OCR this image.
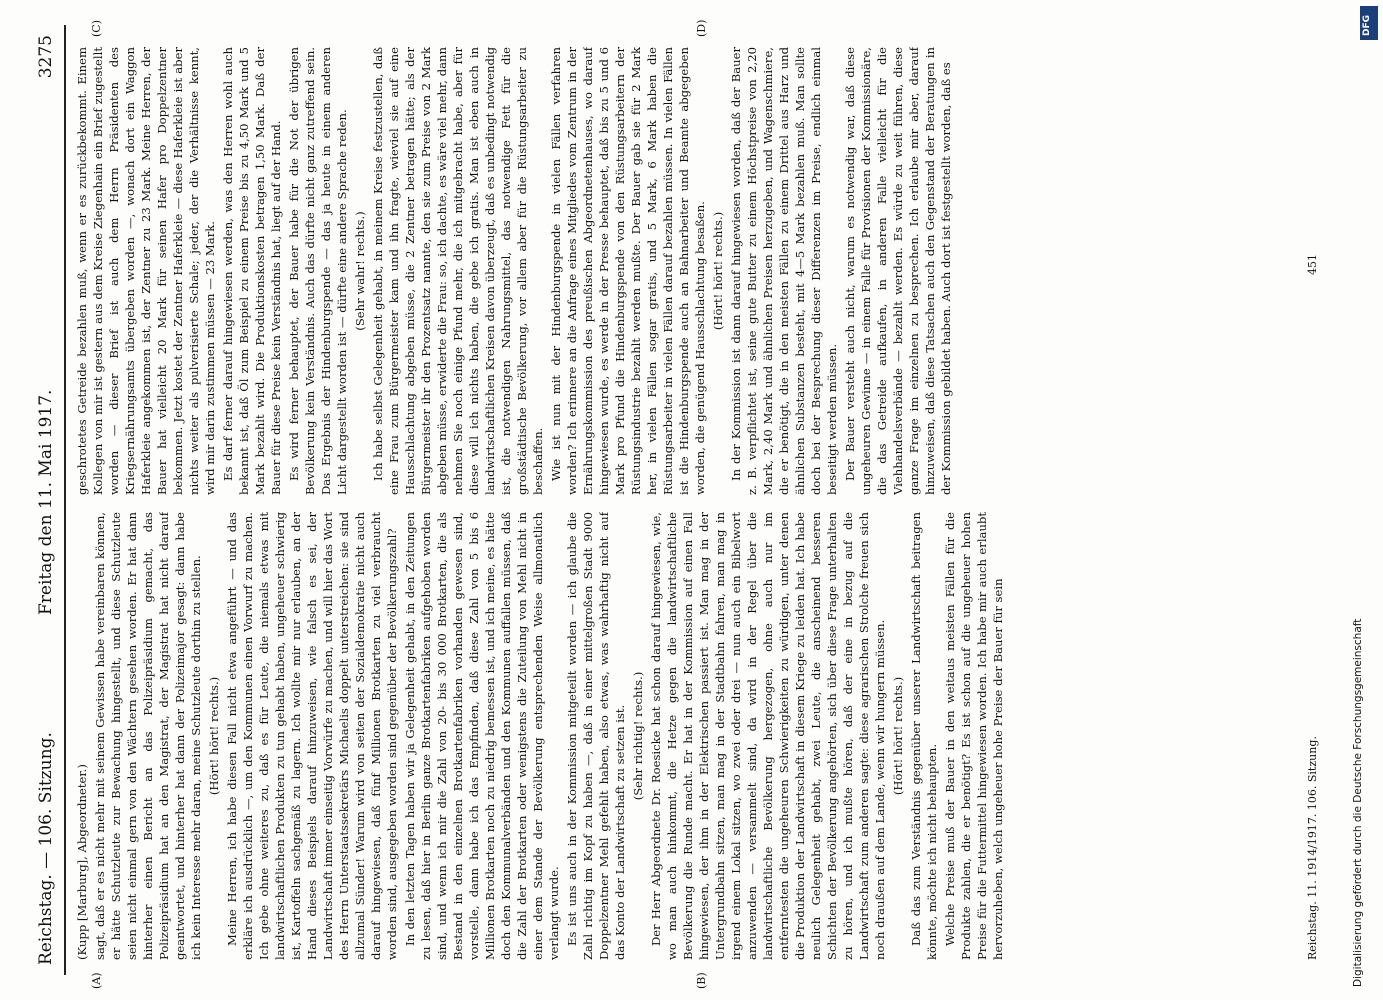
Reichstag. — 106. Sitzung.
Freitag den 11. Mai 1917.
3275
(A)	(B)
(C)	(D)

(Kupp [Marburg], Abgeordneter.) sagt, daß er es nicht mehr mit seinem Gewissen habe vereinbaren können, er hätte Schutzleute zur Bewachung hingestellt, und diese Schutzleute seien nicht einmal gern von den Wächtern gesehen worden. Er hat dann hinterher einen Bericht an das Polizeipräsidium gemacht, das Polizeipräsidium hat an den Magistrat, der Magistrat hat nicht darauf geantwortet, und hinterher hat dann der Polizeimajor gesagt: dann habe ich kein Interesse mehr daran, meine Schutzleute dorthin zu stellen. (Hört! hört! rechts.) Meine Herren, ich habe diesen Fall nicht etwa angeführt — und das erkläre ich ausdrücklich —, um den Kommunen einen Vorwurf zu machen. Ich gebe ohne weiteres zu, daß es für Leute, die niemals etwas mit landwirtschaftlichen Produkten zu tun gehabt haben, ungeheuer schwierig ist, Kartoffeln sachgemäß zu lagern. Ich wollte mir nur erlauben, an der Hand dieses Beispiels darauf hinzuweisen, wie falsch es sei, der Landwirtschaft immer einseitig Vorwürfe zu machen, und will hier das Wort des Herrn Unterstaatssekretärs Michaelis doppelt unterstreichen: sie sind allzumal Sünder! Warum wird von seiten der Sozialdemokratie nicht auch darauf hingewiesen, daß fünf Millionen Brotkarten zu viel verbraucht worden sind, ausgegeben worden sind gegenüber der Bevölkerungszahl? In den letzten Tagen haben wir ja Gelegenheit gehabt, in den Zeitungen zu lesen, daß hier in Berlin ganze Brotkartenfabriken aufgehoben worden sind, und wenn ich mir die Zahl von 20- bis 30 000 Brotkarten, die als Bestand in den einzelnen Brotkartenfabriken vorhanden gewesen sind, vorstelle, dann habe ich das Empfinden, daß diese Zahl von 5 bis 6 Millionen Brotkarten noch zu niedrig bemessen ist, und ich meine, es hätte doch den Kommunalverbänden und den Kommunen auffallen müssen, daß die Zahl der Brotkarten oder wenigstens die Zuteilung von Mehl nicht in einer dem Stande der Bevölkerung entsprechenden Weise allmonatlich verlangt wurde. Es ist uns auch in der Kommission mitgeteilt worden — ich glaube die Zahl richtig im Kopf zu haben —, daß in einer mittelgroßen Stadt 9000 Doppelzentner Mehl gefehlt haben, also etwas, was wahrhaftig nicht auf das Konto der Landwirtschaft zu setzen ist. (Sehr richtig! rechts.) Der Herr Abgeordnete Dr. Roesicke hat schon darauf hingewiesen, wie, wo man auch hinkommt, die Hetze gegen die landwirtschaftliche Bevölkerung die Runde macht. Er hat in der Kommission auf einen Fall hingewiesen, der ihm in der Elektrischen passiert ist. Man mag in der Untergrundbahn sitzen, man mag in der Stadtbahn fahren, man mag in irgend einem Lokal sitzen, wo zwei oder drei — nun auch ein Bibelwort anzuwenden — versammelt sind, da wird in der Regel über die landwirtschaftliche Bevölkerung hergezogen, ohne auch nur im entferntesten die ungeheuren Schwierigkeiten zu würdigen, unter denen die Produktion der Landwirtschaft in diesem Kriege zu leiden hat. Ich habe neulich Gelegenheit gehabt, zwei Leute, die anscheinend besseren Schichten der Bevölkerung angehörten, sich über diese Frage unterhalten zu hören, und ich mußte hören, daß der eine in bezug auf die Landwirtschaft zum anderen sagte: diese agrarischen Strolche freuen sich noch draußen auf dem Lande, wenn wir hungern müssen. (Hört! hört! rechts.) Daß das zum Verständnis gegenüber unserer Landwirtschaft beitragen könnte, möchte ich nicht behaupten. Welche Preise muß der Bauer in den weitaus meisten Fällen für die Produkte zahlen, die er benötigt? Es ist schon auf die ungeheuer hohen Preise für die Futtermittel hingewiesen worden. Ich habe mir auch erlaubt hervorzuheben, welch ungeheuer hohe Preise der Bauer für sein

geschrotetes Getreide bezahlen muß, wenn er es zurückbekommt. Einem Kollegen von mir ist gestern aus dem Kreise Ziegenhain ein Brief zugestellt worden — dieser Brief ist auch dem Herrn Präsidenten des Kriegsernährungsamts übergeben worden —, wonach dort ein Waggon Haferkleie angekommen ist, der Zentner zu 23 Mark. Meine Herren, der Bauer hat vielleicht 20 Mark für seinen Hafer pro Doppelzentner bekommen. Jetzt kostet der Zentner Haferkleie — diese Haferkleie ist aber nichts weiter als pulverisierte Schale; jeder, der die Verhältnisse kennt, wird mir darin zustimmen müssen — 23 Mark. Es darf ferner darauf hingewiesen werden, was den Herren wohl auch bekannt ist, daß Öl zum Beispiel zu einem Preise bis zu 4,50 Mark und 5 Mark bezahlt wird. Die Produktionskosten betragen 1,50 Mark. Daß der Bauer für diese Preise kein Verständnis hat, liegt auf der Hand. Es wird ferner behauptet, der Bauer habe für die Not der übrigen Bevölkerung kein Verständnis. Auch das dürfte nicht ganz zutreffend sein. Das Ergebnis der Hindenburgspende — das ja heute in einem anderen Licht dargestellt worden ist — dürfte eine andere Sprache reden. (Sehr wahr! rechts.) Ich habe selbst Gelegenheit gehabt, in meinem Kreise festzustellen, daß eine Frau zum Bürgermeister kam und ihn fragte, wieviel sie auf eine Hausschlachtung abgeben müsse, die 2 Zentner betragen hätte; als der Bürgermeister ihr den Prozentsatz nannte, den sie zum Preise von 2 Mark abgeben müsse, erwiderte die Frau: so, ich dachte, es wäre viel mehr, dann nehmen Sie noch einige Pfund mehr, die ich mitgebracht habe, aber für diese will ich nichts haben, die gebe ich gratis. Man ist eben auch in landwirtschaftlichen Kreisen davon überzeugt, daß es unbedingt notwendig ist, die notwendigen Nahrungsmittel, das notwendige Fett für die großstädtische Bevölkerung, vor allem aber für die Rüstungsarbeiter zu beschaffen. Wie ist nun mit der Hindenburgspende in vielen Fällen verfahren worden? Ich erinnere an die Anfrage eines Mitgliedes vom Zentrum in der Ernährungskommission des preußischen Abgeordnetenhauses, wo darauf hingewiesen wurde, es werde in der Presse behauptet, daß bis zu 5 und 6 Mark pro Pfund die Hindenburgspende von den Rüstungsarbeitern der Rüstungsindustrie bezahlt werden mußte. Der Bauer gab sie für 2 Mark her, in vielen Fällen sogar gratis, und 5 Mark, 6 Mark haben die Rüstungsarbeiter in vielen Fällen darauf bezahlen müssen. In vielen Fällen ist die Hindenburgspende auch an Bahnarbeiter und Beamte abgegeben worden, die genügend Hausschlachtung besaßen. (Hört! hört! rechts.) In der Kommission ist dann darauf hingewiesen worden, daß der Bauer z. B. verpflichtet ist, seine gute Butter zu einem Höchstpreise von 2,20 Mark, 2,40 Mark und ähnlichen Preisen herzugeben, und Wagenschmiere, die er benötigt, die in den meisten Fällen zu einem Drittel aus Harz und ähnlichen Substanzen besteht, mit 4—5 Mark bezahlen muß. Man sollte doch bei der Besprechung dieser Differenzen im Preise, endlich einmal beseitigt werden müssen. Der Bauer versteht auch nicht, warum es notwendig war, daß diese ungeheuren Gewinne — in einem Falle für Provisionen der Kommissionäre, die das Getreide aufkaufen, in anderen Falle vielleicht für die Viehhandelsverbände — bezahlt werden. Es würde zu weit führen, diese ganze Frage im einzelnen zu besprechen. Ich erlaube mir aber, darauf hinzuweisen, daß diese Tatsachen auch den Gegenstand der Beratungen in der Kommission gebildet haben. Auch dort ist festgestellt worden, daß es

Reichstag. 11. 1914/1917. 106. Sitzung.
451
Digitalisierung gefördert durch die Deutsche Forschungsgemeinschaft
DFG
